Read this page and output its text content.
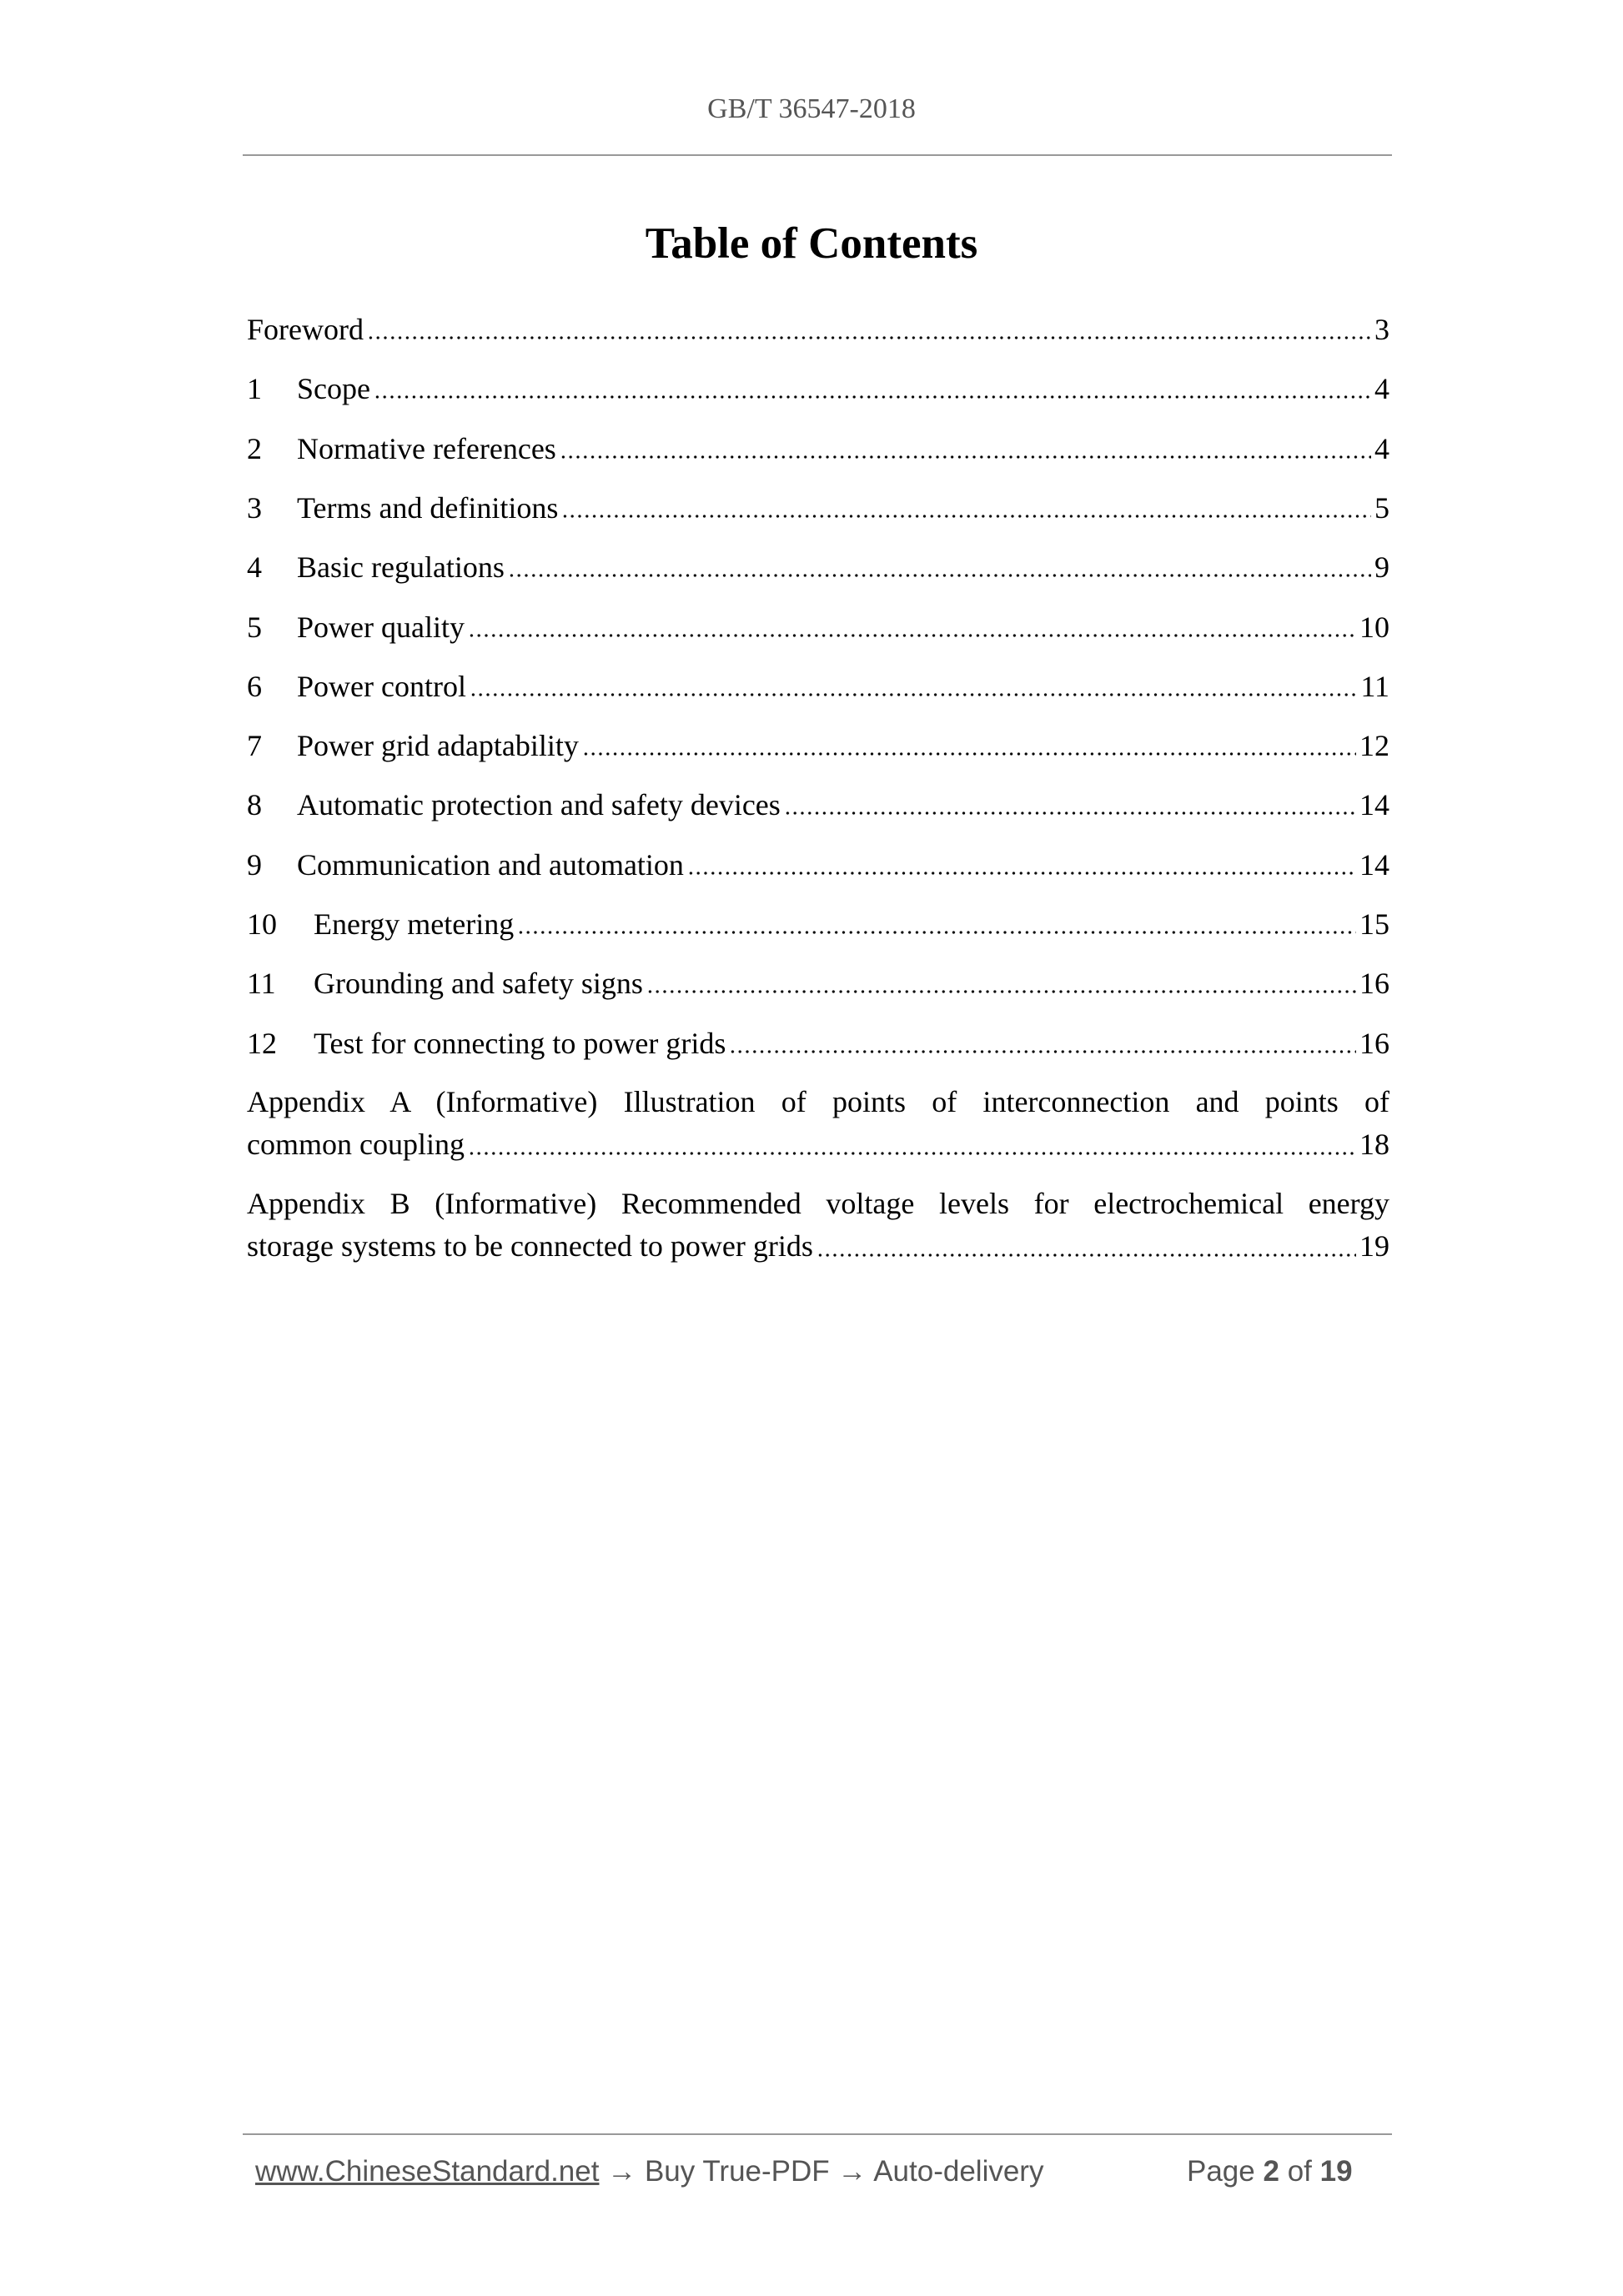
GB/T 36547-2018
Table of Contents
Foreword	3
1	Scope	4
2	Normative references	4
3	Terms and definitions	5
4	Basic regulations	9
5	Power quality	10
6	Power control	11
7	Power grid adaptability	12
8	Automatic protection and safety devices	14
9	Communication and automation	14
10	Energy metering	15
11	Grounding and safety signs	16
12	Test for connecting to power grids	16
Appendix A (Informative) Illustration of points of interconnection and points of
common coupling	18
Appendix B (Informative) Recommended voltage levels for electrochemical energy
storage systems to be connected to power grids	19
www.ChineseStandard.net → Buy True-PDF → Auto-delivery	Page 2 of 19
